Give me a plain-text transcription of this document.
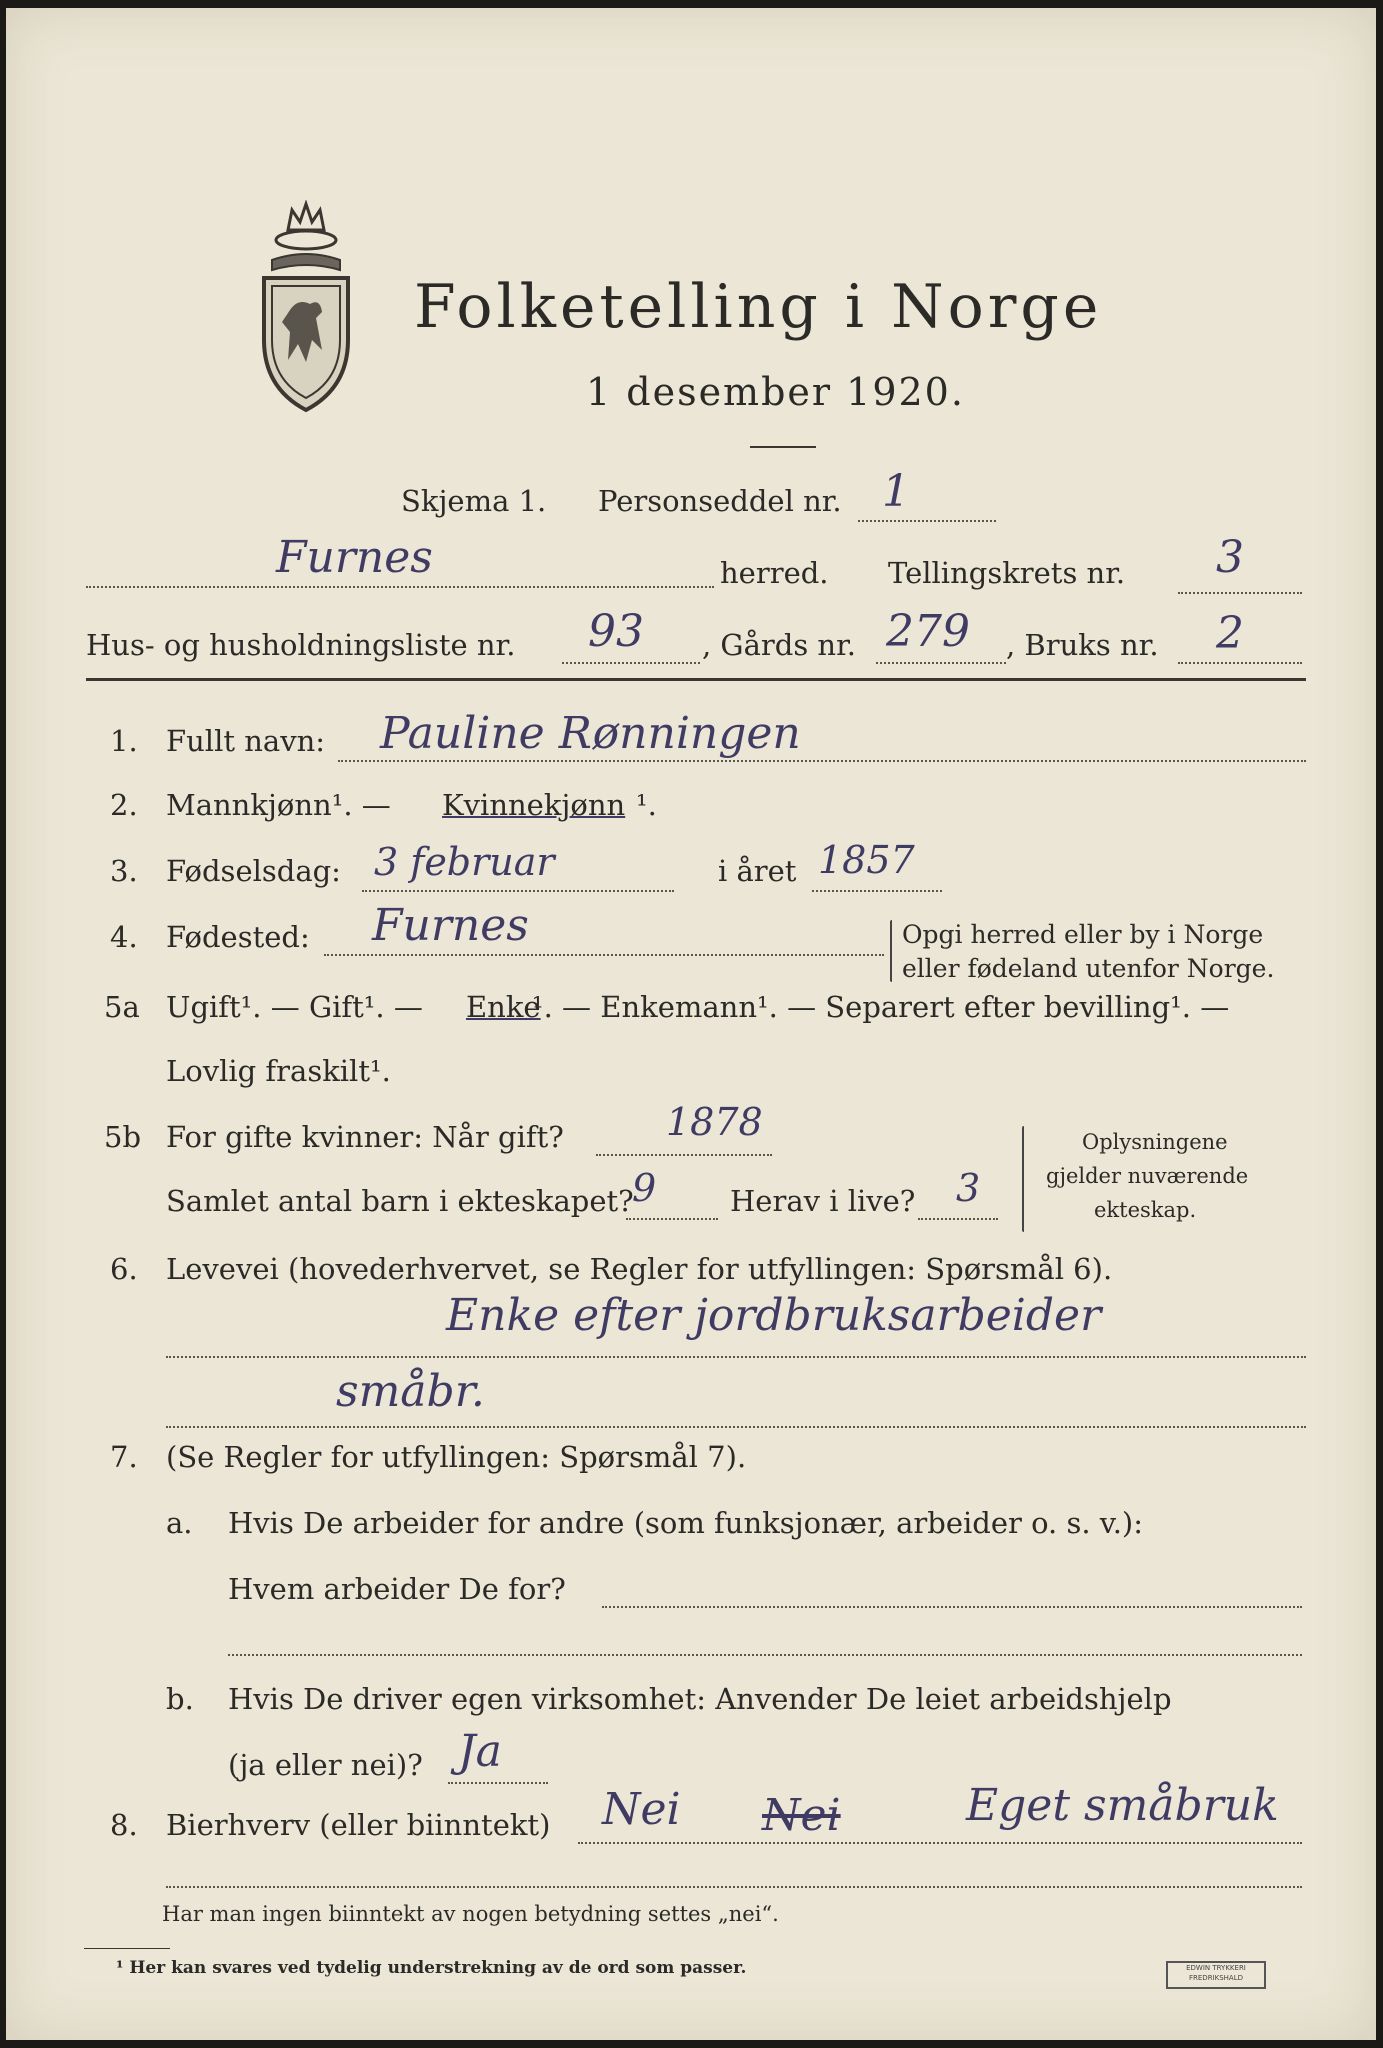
Folketelling i Norge
1 desember 1920.
Skjema 1. Personseddel nr. 1
Furnes	herred. Tellingskrets nr. 3
Hus- og husholdningsliste nr. 93 , Gårds nr. 279 , Bruks nr. 2
1. Fullt navn: Pauline Rønningen
2. Mannkjønn¹. — Kvinnekjønn ¹.
3. Fødselsdag: 3 februar	i året 1857
4. Fødested: Furnes	Opgi herred eller by i Norge
eller fødeland utenfor Norge.
5a Ugift¹. — Gift¹. — Enke
¹. — Enkemann¹. — Separert efter bevilling¹. —
Lovlig fraskilt¹.
5b For gifte kvinner: Når gift?	1878
Samlet antal barn i ekteskapet?
9	Herav i live? 3
Oplysningene
gjelder nuværende
ekteskap.
6. Levevei (hovederhvervet, se Regler for utfyllingen: Spørsmål 6).
Enke efter jordbruksarbeider
småbr.
7. (Se Regler for utfyllingen: Spørsmål 7).
a. Hvis De arbeider for andre (som funksjonær, arbeider o. s. v.):
Hvem arbeider De for?
b. Hvis De driver egen virksomhet: Anvender De leiet arbeidshjelp
(ja eller nei)? Ja
8. Bierhverv (eller biinntekt) Nei Nei	Eget småbruk
Har man ingen biinntekt av nogen betydning settes „nei“.
¹ Her kan svares ved tydelig understrekning av de ord som passer.	EDWIN TRYKKERI
FREDRIKSHALD
